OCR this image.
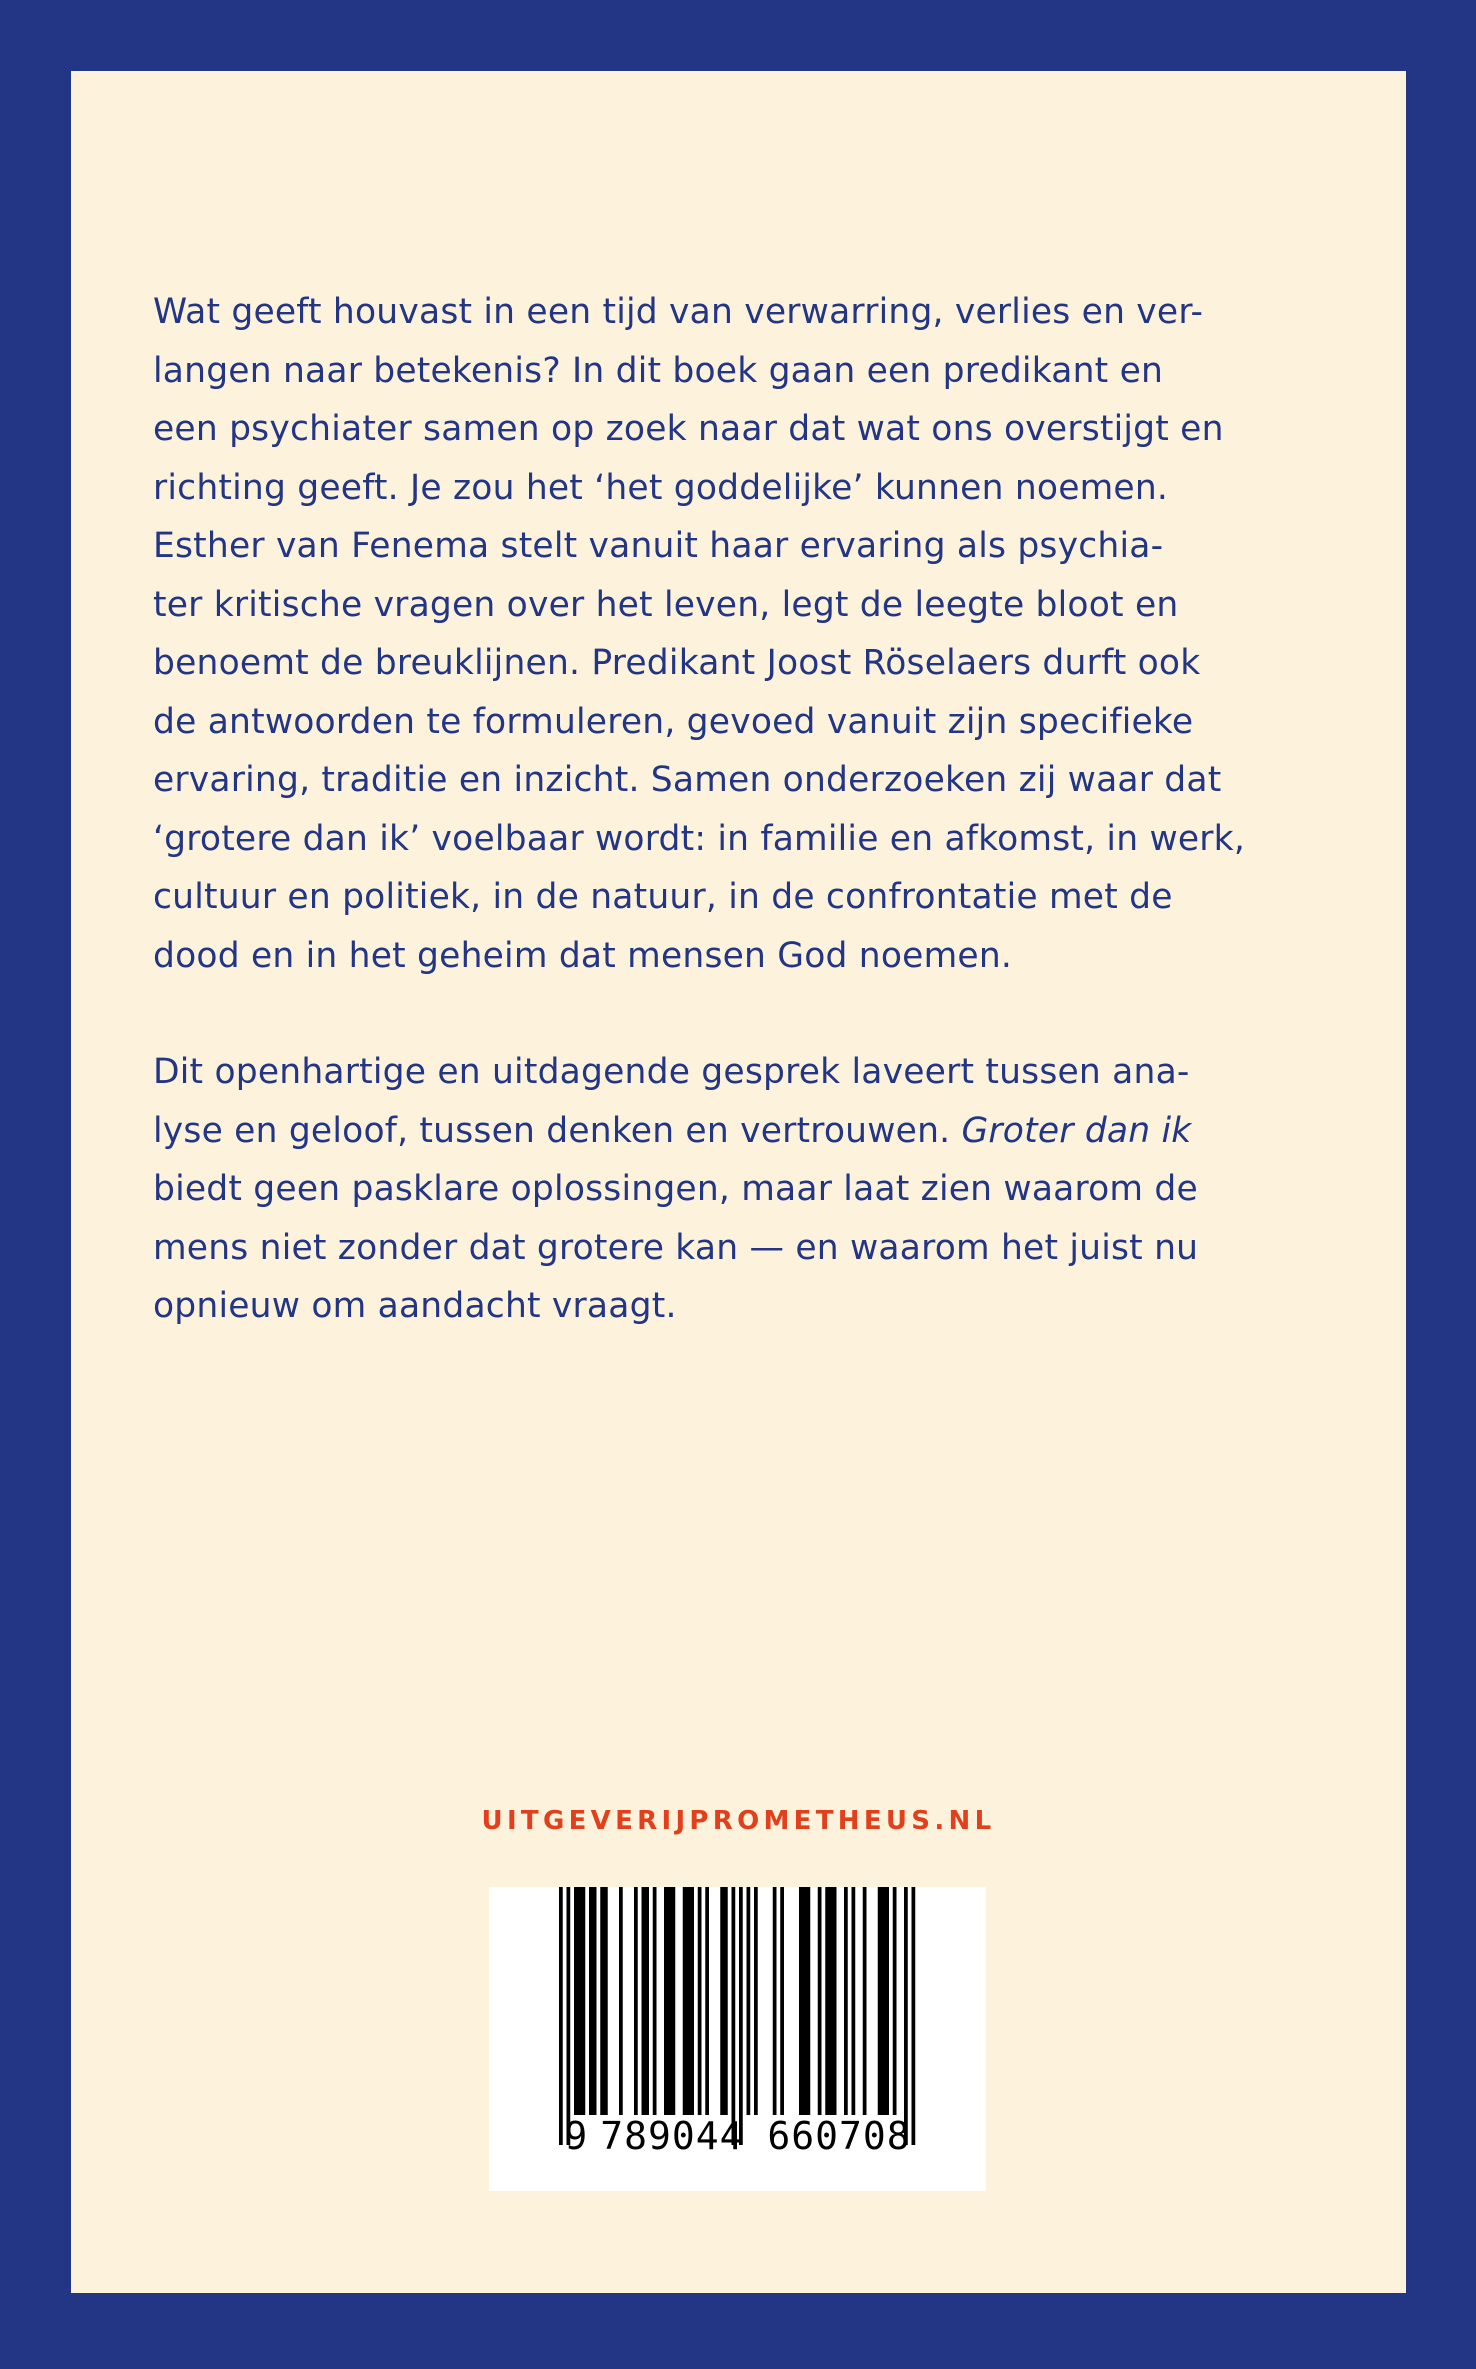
Wat geeft houvast in een tijd van verwarring, verlies en ver-
langen naar betekenis? In dit boek gaan een predikant en
een psychiater samen op zoek naar dat wat ons overstijgt en
richting geeft. Je zou het ‘het goddelijke’ kunnen noemen.
Esther van Fenema stelt vanuit haar ervaring als psychia-
ter kritische vragen over het leven, legt de leegte bloot en
benoemt de breuklijnen. Predikant Joost Röselaers durft ook
de antwoorden te formuleren, gevoed vanuit zijn specifieke
ervaring, traditie en inzicht. Samen onderzoeken zij waar dat
‘grotere dan ik’ voelbaar wordt: in familie en afkomst, in werk,
cultuur en politiek, in de natuur, in de confrontatie met de
dood en in het geheim dat mensen God noemen.
Dit openhartige en uitdagende gesprek laveert tussen ana-
lyse en geloof, tussen denken en vertrouwen. Groter dan ik
biedt geen pasklare oplossingen, maar laat zien waarom de
mens niet zonder dat grotere kan — en waarom het juist nu
opnieuw om aandacht vraagt.
UITGEVERIJPROMETHEUS.NL
9 789044 660708
